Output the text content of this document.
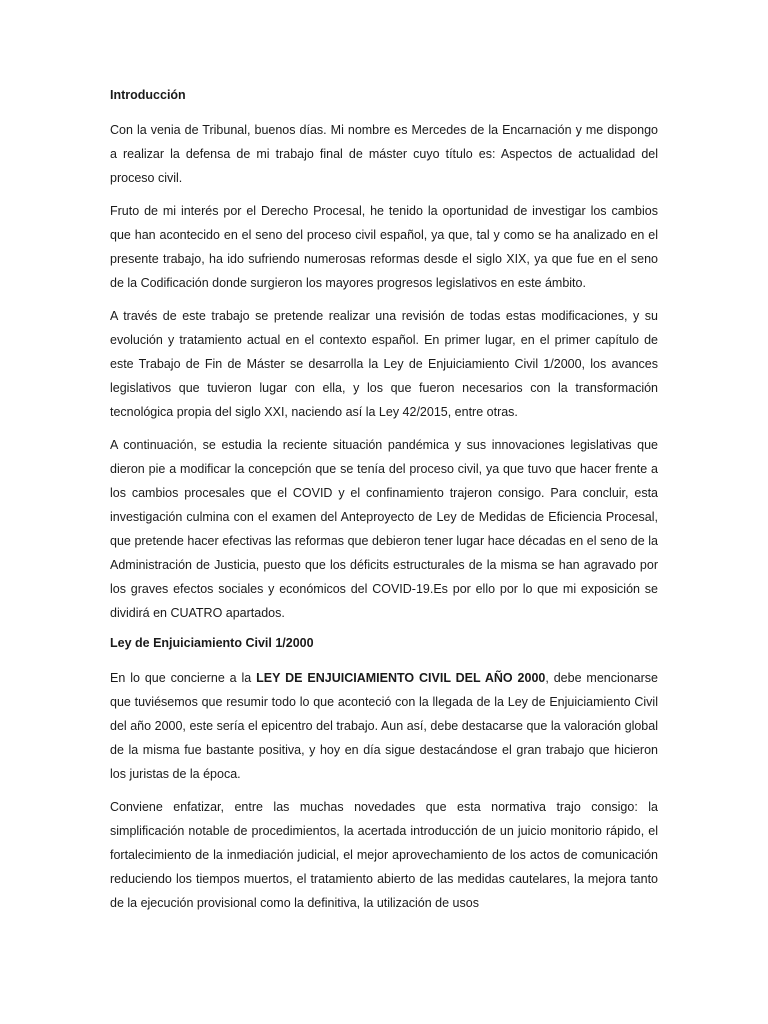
Introducción

Con la venia de Tribunal, buenos días. Mi nombre es Mercedes de la Encarnación y me dispongo a realizar la defensa de mi trabajo final de máster cuyo título es: Aspectos de actualidad del proceso civil.

Fruto de mi interés por el Derecho Procesal, he tenido la oportunidad de investigar los cambios que han acontecido en el seno del proceso civil español, ya que, tal y como se ha analizado en el presente trabajo, ha ido sufriendo numerosas reformas desde el siglo XIX, ya que fue en el seno de la Codificación donde surgieron los mayores progresos legislativos en este ámbito.

A través de este trabajo se pretende realizar una revisión de todas estas modificaciones, y su evolución y tratamiento actual en el contexto español. En primer lugar, en el primer capítulo de este Trabajo de Fin de Máster se desarrolla la Ley de Enjuiciamiento Civil 1/2000, los avances legislativos que tuvieron lugar con ella, y los que fueron necesarios con la transformación tecnológica propia del siglo XXI, naciendo así la Ley 42/2015, entre otras.

A continuación, se estudia la reciente situación pandémica y sus innovaciones legislativas que dieron pie a modificar la concepción que se tenía del proceso civil, ya que tuvo que hacer frente a los cambios procesales que el COVID y el confinamiento trajeron consigo. Para concluir, esta investigación culmina con el examen del Anteproyecto de Ley de Medidas de Eficiencia Procesal, que pretende hacer efectivas las reformas que debieron tener lugar hace décadas en el seno de la Administración de Justicia, puesto que los déficits estructurales de la misma se han agravado por los graves efectos sociales y económicos del COVID-19.Es por ello por lo que mi exposición se dividirá en CUATRO apartados.

Ley de Enjuiciamiento Civil 1/2000

En lo que concierne a la LEY DE ENJUICIAMIENTO CIVIL DEL AÑO 2000, debe mencionarse que tuviésemos que resumir todo lo que aconteció con la llegada de la Ley de Enjuiciamiento Civil del año 2000, este sería el epicentro del trabajo. Aun así, debe destacarse que la valoración global de la misma fue bastante positiva, y hoy en día sigue destacándose el gran trabajo que hicieron los juristas de la época.

Conviene enfatizar, entre las muchas novedades que esta normativa trajo consigo: la simplificación notable de procedimientos, la acertada introducción de un juicio monitorio rápido, el fortalecimiento de la inmediación judicial, el mejor aprovechamiento de los actos de comunicación reduciendo los tiempos muertos, el tratamiento abierto de las medidas cautelares, la mejora tanto de la ejecución provisional como la definitiva, la utilización de usos
